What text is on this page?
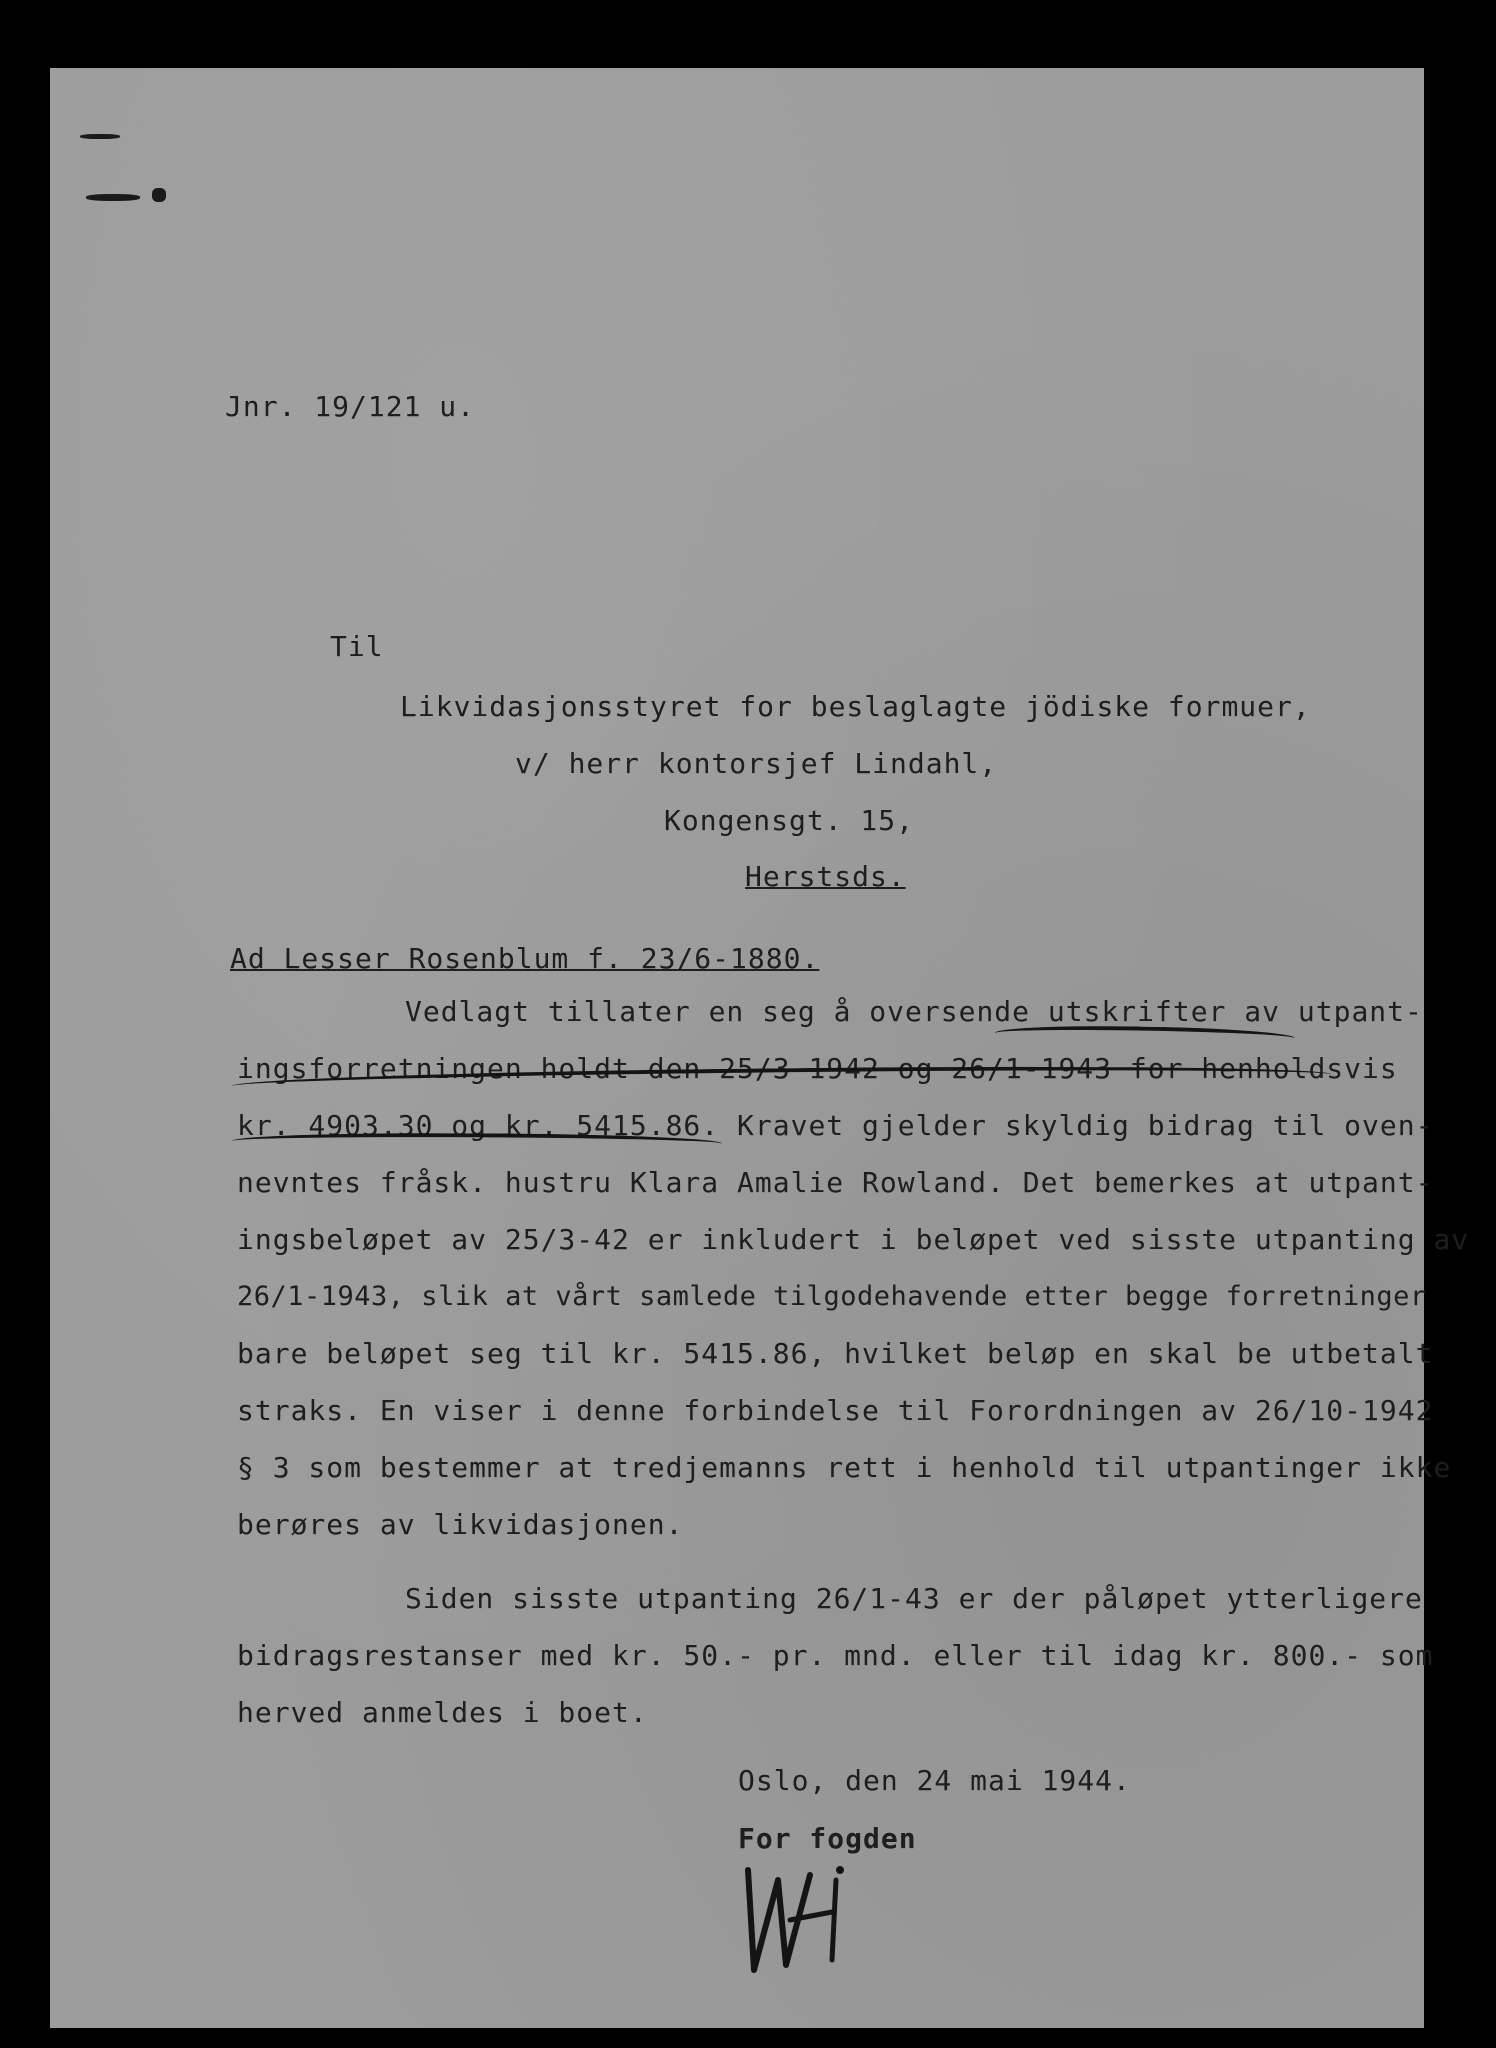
Jnr. 19/121 u.
Til
Likvidasjonsstyret for beslaglagte jödiske formuer,
v/ herr kontorsjef Lindahl,
Kongensgt. 15,
Herstsds.
Ad Lesser Rosenblum f. 23/6-1880.
Vedlagt tillater en seg å oversende utskrifter av utpant-
ingsforretningen holdt den 25/3-1942 og 26/1-1943 for henholdsvis
kr. 4903.30 og kr. 5415.86. Kravet gjelder skyldig bidrag til oven-
nevntes fråsk. hustru Klara Amalie Rowland. Det bemerkes at utpant-
ingsbeløpet av 25/3-42 er inkludert i beløpet ved sisste utpanting av
26/1-1943, slik at vårt samlede tilgodehavende etter begge forretninger
bare beløpet seg til kr. 5415.86, hvilket beløp en skal be utbetalt
straks. En viser i denne forbindelse til Forordningen av 26/10-1942
§ 3 som bestemmer at tredjemanns rett i henhold til utpantinger ikke
berøres av likvidasjonen.
Siden sisste utpanting 26/1-43 er der påløpet ytterligere
bidragsrestanser med kr. 50.- pr. mnd. eller til idag kr. 800.- som
herved anmeldes i boet.
Oslo, den 24 mai 1944.
For fogden
